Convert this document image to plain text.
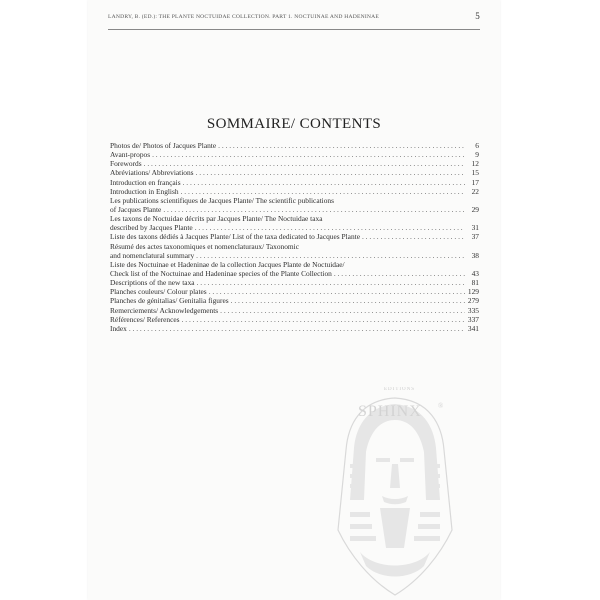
LANDRY, B. (ED.): THE PLANTE NOCTUIDAE COLLECTION. PART 1. NOCTUINAE AND HADENINAE	5
SOMMAIRE/ CONTENTS
Photos de/ Photos of Jacques Plante . . .	6
Avant-propos . . .	9
Forewords . . .	12
Abréviations/ Abbreviations . . .	15
Introduction en français . . .	17
Introduction in English . . .	22
Les publications scientifiques de Jacques Plante/ The scientific publications
of Jacques Plante . . .	29
Les taxons de Noctuidae décrits par Jacques Plante/ The Noctuidae taxa
described by Jacques Plante . . .	31
Liste des taxons dédiés à Jacques Plante/ List of the taxa dedicated to Jacques Plante . . .	37
Résumé des actes taxonomiques et nomenclaturaux/ Taxonomic
and nomenclatural summary . . .	38
Liste des Noctuinae et Hadeninae de la collection Jacques Plante de Noctuidae/
Check list of the Noctuinae and Hadeninae species of the Plante Collection . . .	43
Descriptions of the new taxa . . .	81
Planches couleurs/ Colour plates . . .	129
Planches de génitalias/ Genitalia figures . . .	279
Remerciements/ Acknowledgements . . .	335
Références/ References . . .	337
Index . . .	341
EDITIONS
SPHINX ®
